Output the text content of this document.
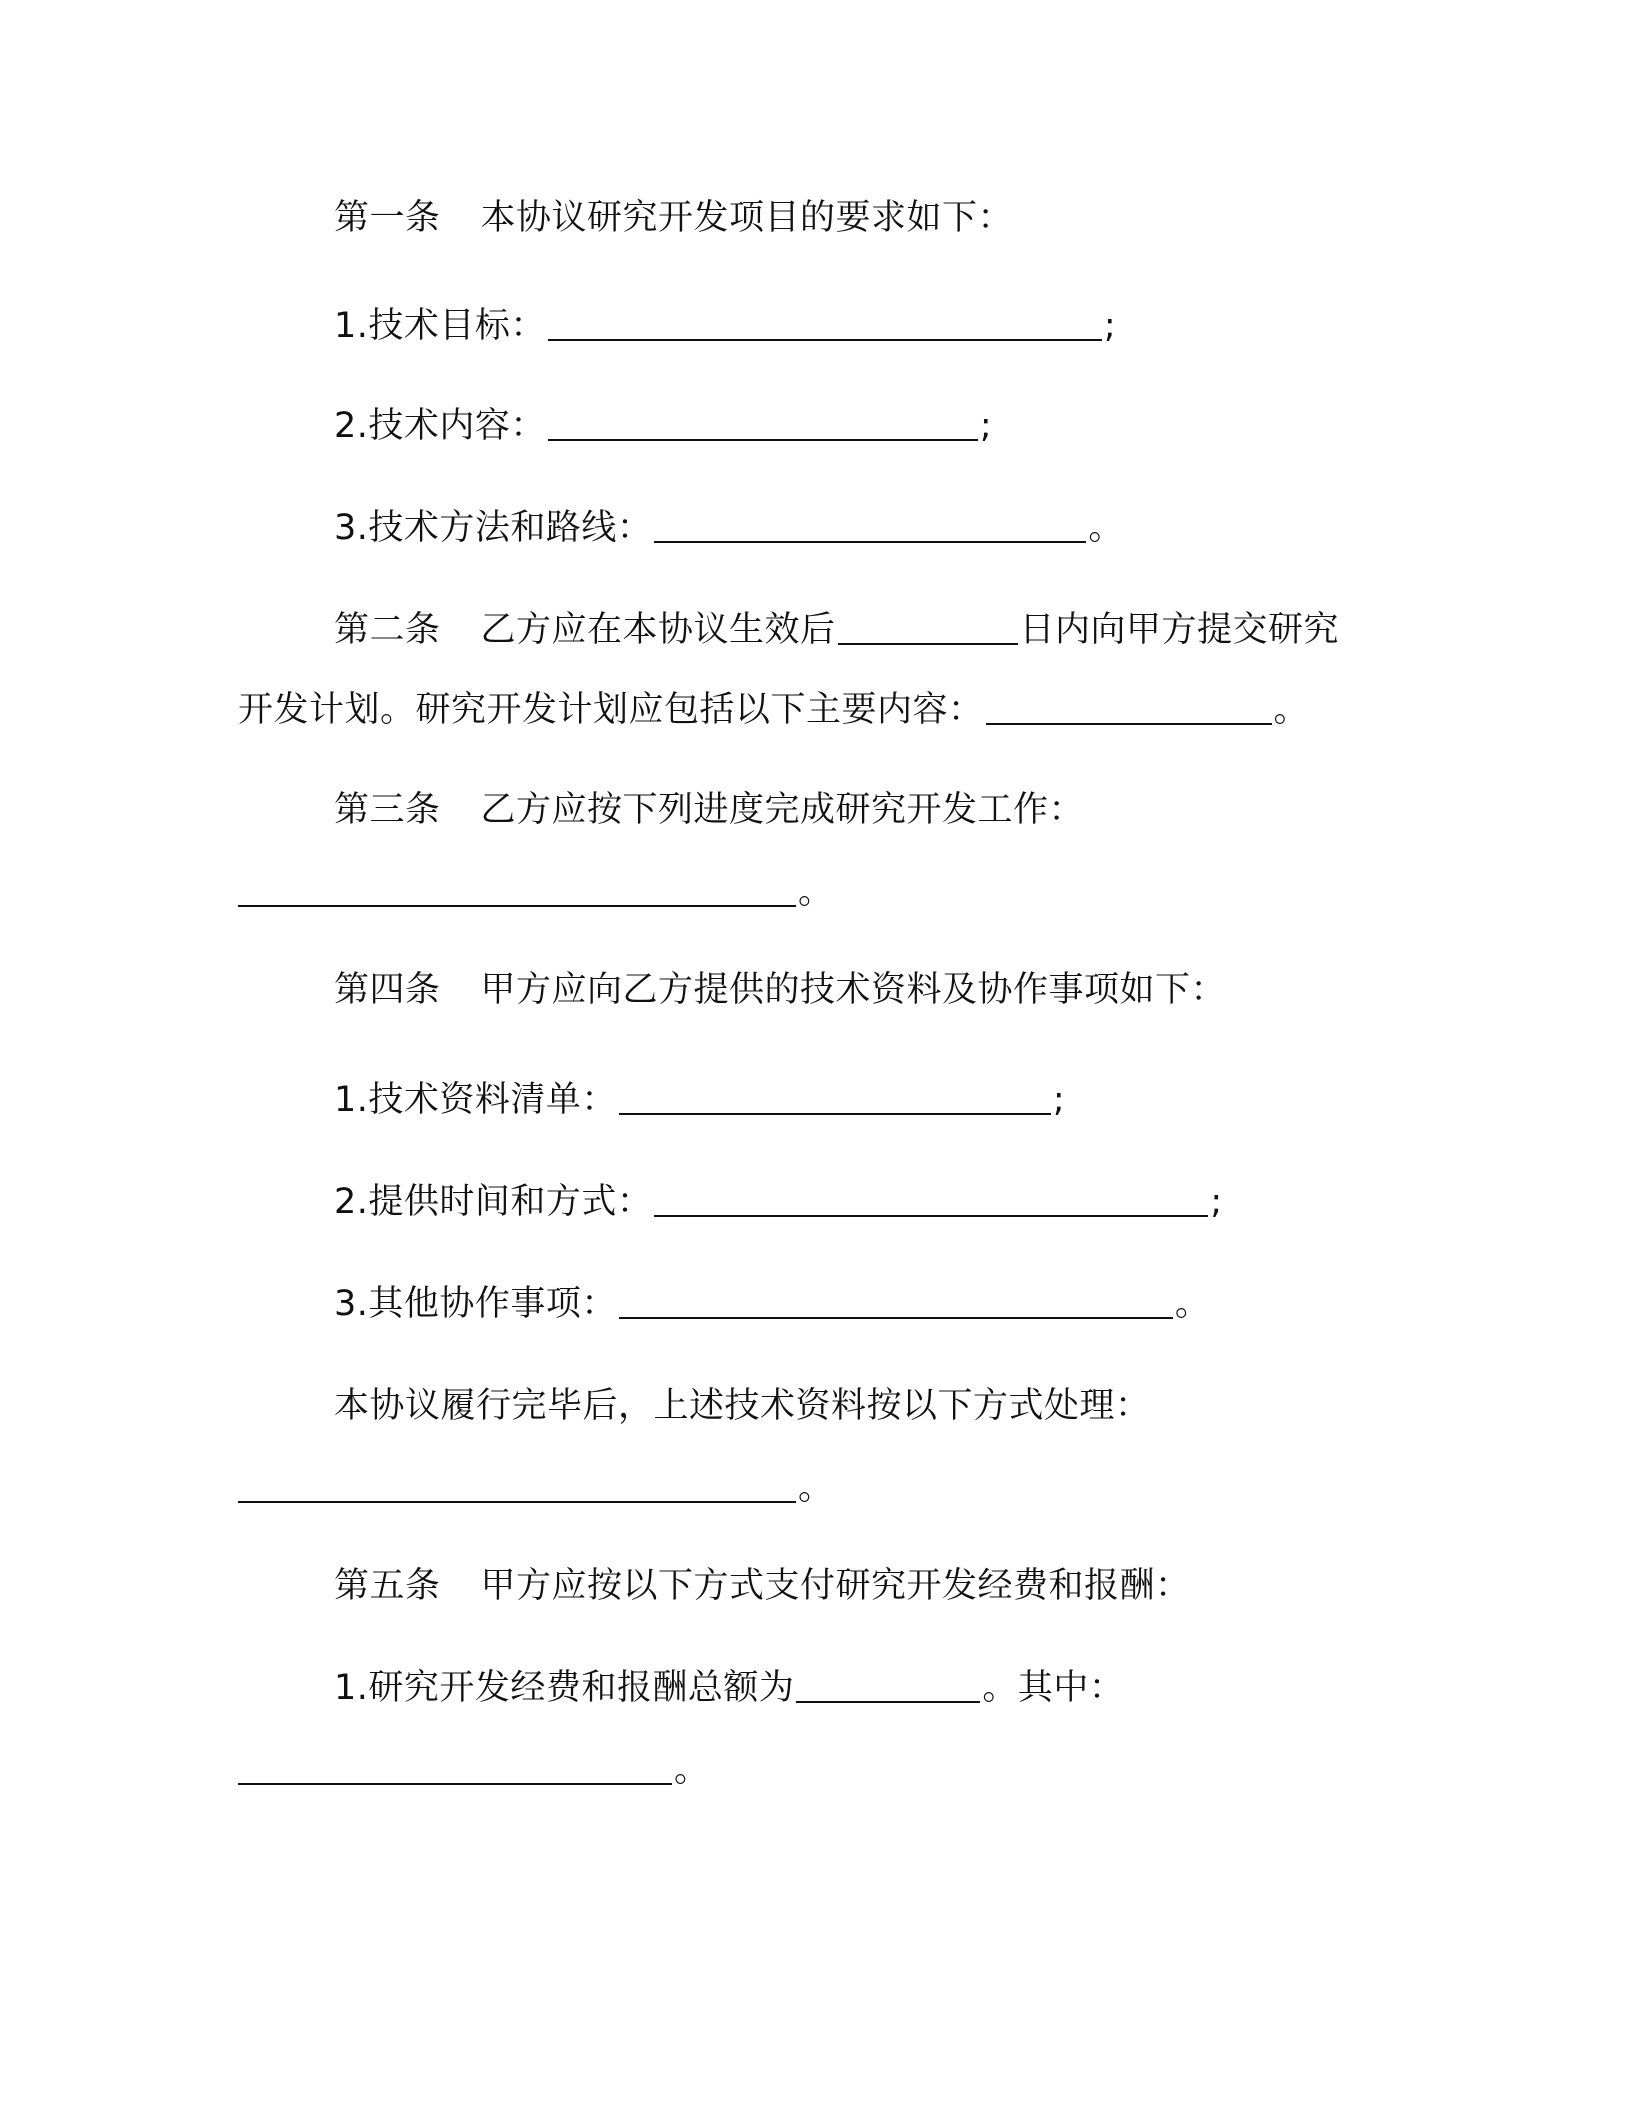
第一条 本协议研究开发项目的要求如下：
1.技术目标：	;
2.技术内容：	;
3.技术方法和路线：	。
第二条 乙方应在本协议生效后	日内向甲方提交研究
开发计划。研究开发计划应包括以下主要内容：	。
第三条 乙方应按下列进度完成研究开发工作：
。
第四条 甲方应向乙方提供的技术资料及协作事项如下：
1.技术资料清单：	;
2.提供时间和方式：	;
3.其他协作事项：	。
本协议履行完毕后，上述技术资料按以下方式处理：
。
第五条 甲方应按以下方式支付研究开发经费和报酬：
1.研究开发经费和报酬总额为	。其中：
。
